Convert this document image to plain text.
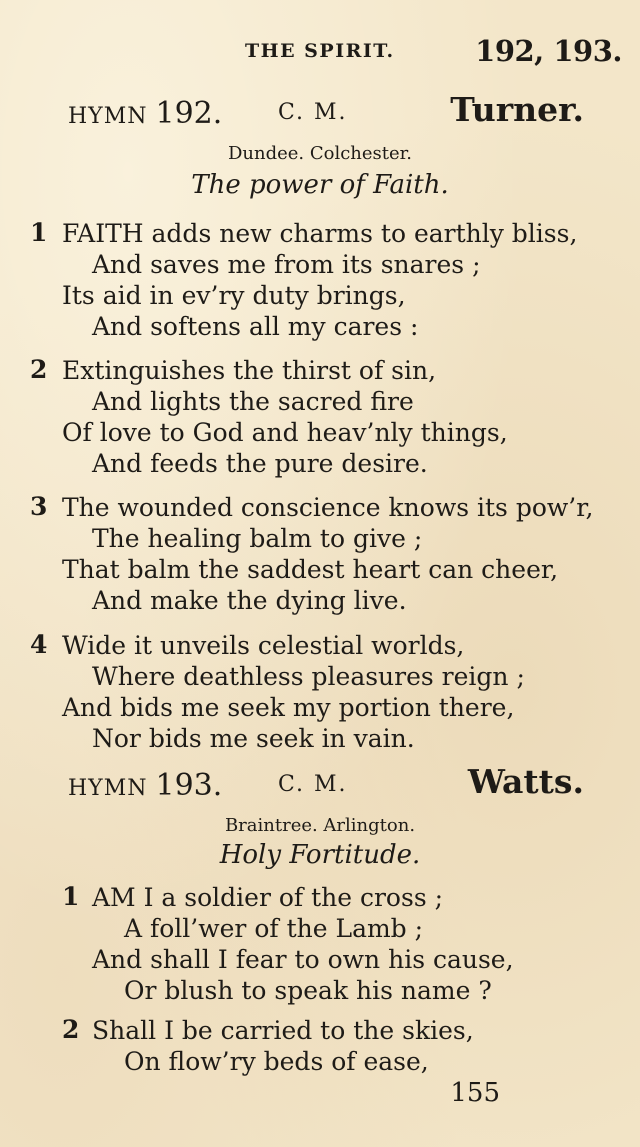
THE SPIRIT.	192, 193.
HYMN 192.	C. M.	Turner.
Dundee. Colchester.
The power of Faith.
1 FAITH adds new charms to earthly bliss,
And saves me from its snares ;
Its aid in ev’ry duty brings,
And softens all my cares :
2 Extinguishes the thirst of sin,
And lights the sacred fire
Of love to God and heav’nly things,
And feeds the pure desire.
3 The wounded conscience knows its pow’r,
The healing balm to give ;
That balm the saddest heart can cheer,
And make the dying live.
4 Wide it unveils celestial worlds,
Where deathless pleasures reign ;
And bids me seek my portion there,
Nor bids me seek in vain.
HYMN 193.	C. M.	Watts.
Braintree. Arlington.
Holy Fortitude.
1 AM I a soldier of the cross ;
A foll’wer of the Lamb ;
And shall I fear to own his cause,
Or blush to speak his name ?
2 Shall I be carried to the skies,
On flow’ry beds of ease,
155
